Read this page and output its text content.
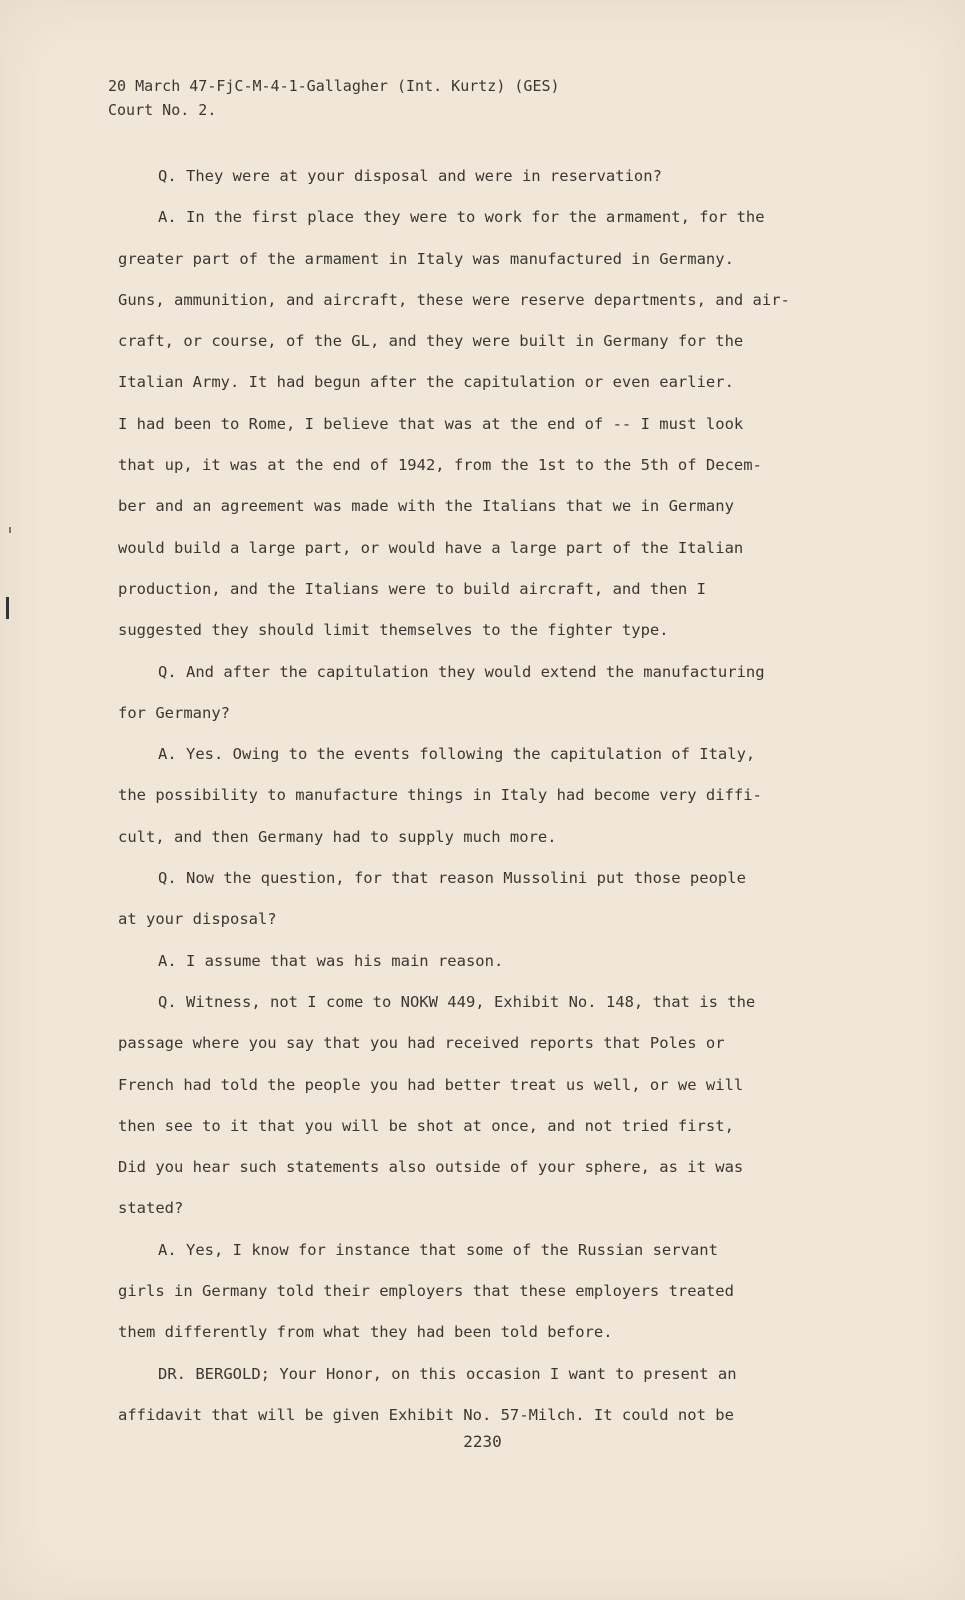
20 March 47-FjC-M-4-1-Gallagher (Int. Kurtz) (GES)
Court No. 2.
Q. They were at your disposal and were in reservation?
A. In the first place they were to work for the armament, for the
greater part of the armament in Italy was manufactured in Germany.
Guns, ammunition, and aircraft, these were reserve departments, and air-
craft, or course, of the GL, and they were built in Germany for the
Italian Army. It had begun after the capitulation or even earlier.
I had been to Rome, I believe that was at the end of -- I must look
that up, it was at the end of 1942, from the 1st to the 5th of Decem-
ber and an agreement was made with the Italians that we in Germany
would build a large part, or would have a large part of the Italian
production, and the Italians were to build aircraft, and then I
suggested they should limit themselves to the fighter type.
Q. And after the capitulation they would extend the manufacturing
for Germany?
A. Yes. Owing to the events following the capitulation of Italy,
the possibility to manufacture things in Italy had become very diffi-
cult, and then Germany had to supply much more.
Q. Now the question, for that reason Mussolini put those people
at your disposal?
A. I assume that was his main reason.
Q. Witness, not I come to NOKW 449, Exhibit No. 148, that is the
passage where you say that you had received reports that Poles or
French had told the people you had better treat us well, or we will
then see to it that you will be shot at once, and not tried first,
Did you hear such statements also outside of your sphere, as it was
stated?
A. Yes, I know for instance that some of the Russian servant
girls in Germany told their employers that these employers treated
them differently from what they had been told before.
DR. BERGOLD; Your Honor, on this occasion I want to present an
affidavit that will be given Exhibit No. 57-Milch. It could not be
2230
